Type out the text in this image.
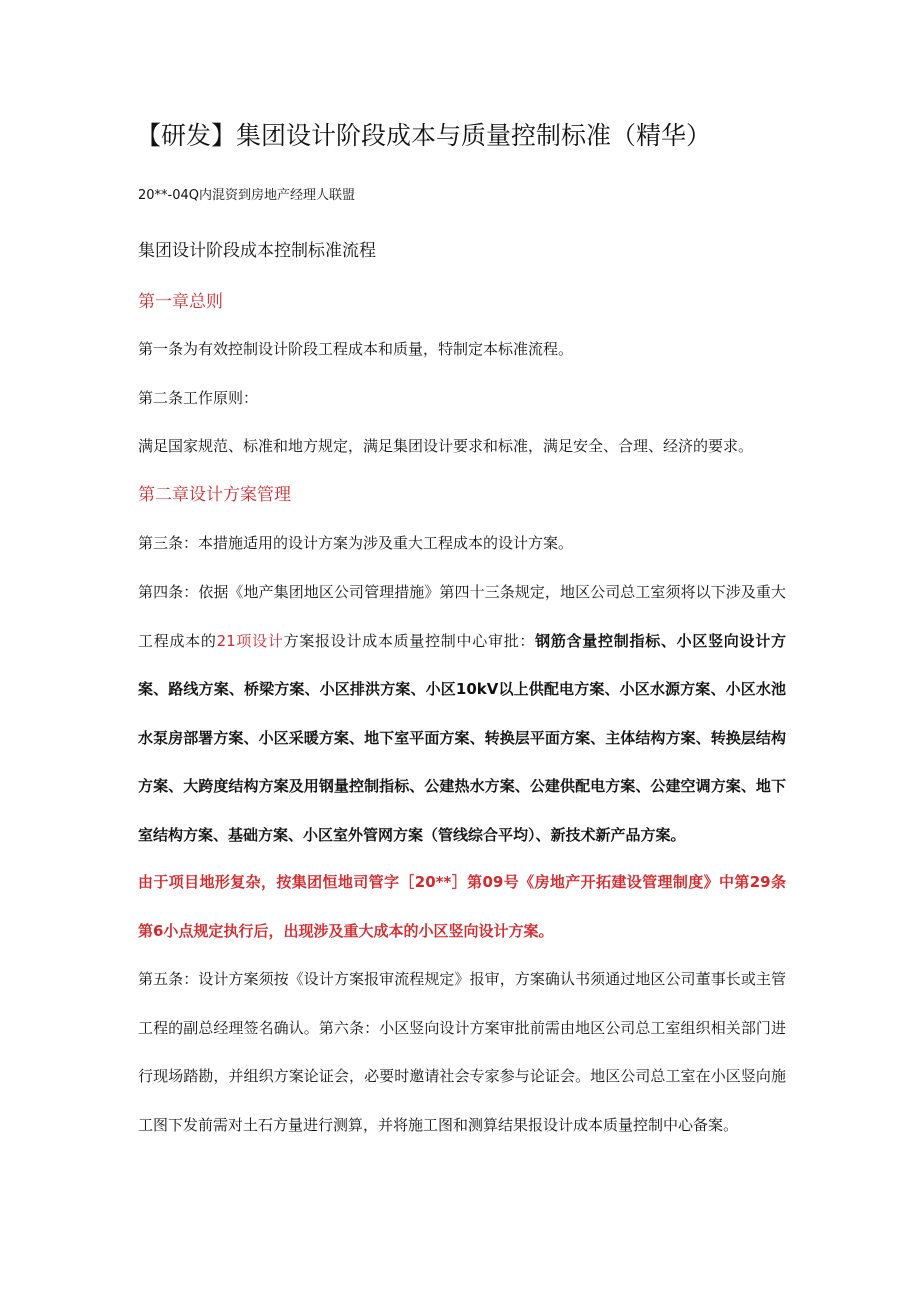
【研发】集团设计阶段成本与质量控制标准（精华）
20**-04Q内混资到房地产经理人联盟
集团设计阶段成本控制标准流程
第一章总则
第一条为有效控制设计阶段工程成本和质量，特制定本标准流程。
第二条工作原则：
满足国家规范、标准和地方规定，满足集团设计要求和标准，满足安全、合理、经济的要求。
第二章设计方案管理
第三条：本措施适用的设计方案为涉及重大工程成本的设计方案。
第四条：依据《地产集团地区公司管理措施》第四十三条规定，地区公司总工室须将以下涉及重大工程成本的21项设计方案报设计成本质量控制中心审批：钢筋含量控制指标、小区竖向设计方案、路线方案、桥梁方案、小区排洪方案、小区10kV以上供配电方案、小区水源方案、小区水池水泵房部署方案、小区采暖方案、地下室平面方案、转换层平面方案、主体结构方案、转换层结构方案、大跨度结构方案及用钢量控制指标、公建热水方案、公建供配电方案、公建空调方案、地下室结构方案、基础方案、小区室外管网方案（管线综合平均）、新技术新产品方案。
由于项目地形复杂，按集团恒地司管字［20**］第09号《房地产开拓建设管理制度》中第29条第6小点规定执行后，出现涉及重大成本的小区竖向设计方案。
第五条：设计方案须按《设计方案报审流程规定》报审，方案确认书须通过地区公司董事长或主管工程的副总经理签名确认。第六条：小区竖向设计方案审批前需由地区公司总工室组织相关部门进行现场踏勘，并组织方案论证会，必要时邀请社会专家参与论证会。地区公司总工室在小区竖向施工图下发前需对土石方量进行测算，并将施工图和测算结果报设计成本质量控制中心备案。
